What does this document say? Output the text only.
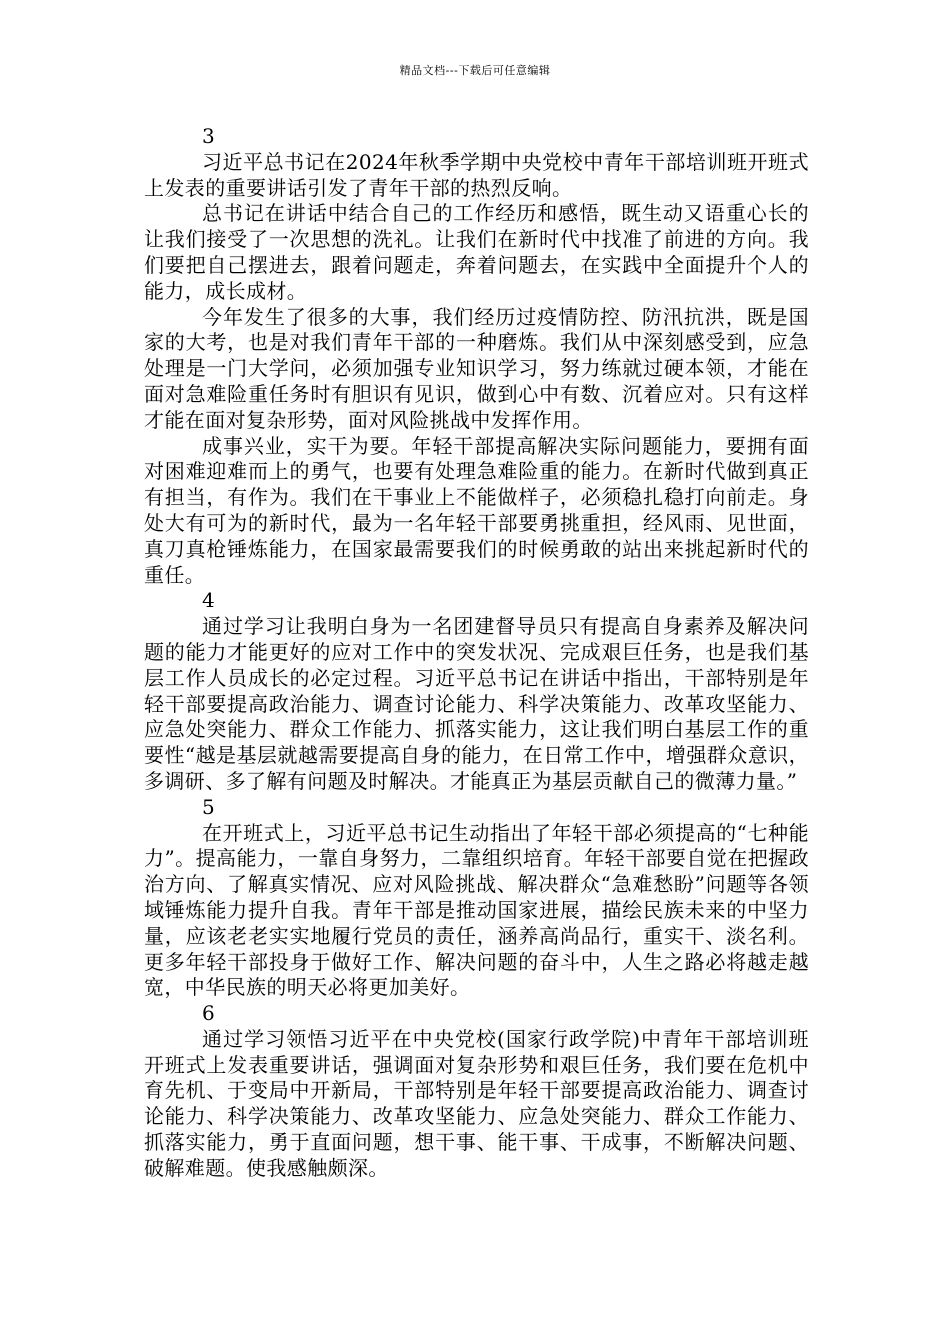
精品文档---下载后可任意编辑

3

习近平总书记在2024年秋季学期中央党校中青年干部培训班开班式上发表的重要讲话引发了青年干部的热烈反响。

总书记在讲话中结合自己的工作经历和感悟，既生动又语重心长的让我们接受了一次思想的洗礼。让我们在新时代中找准了前进的方向。我们要把自己摆进去，跟着问题走，奔着问题去，在实践中全面提升个人的能力，成长成材。

今年发生了很多的大事，我们经历过疫情防控、防汛抗洪，既是国家的大考，也是对我们青年干部的一种磨炼。我们从中深刻感受到，应急处理是一门大学问，必须加强专业知识学习，努力练就过硬本领，才能在面对急难险重任务时有胆识有见识，做到心中有数、沉着应对。只有这样才能在面对复杂形势，面对风险挑战中发挥作用。

成事兴业，实干为要。年轻干部提高解决实际问题能力，要拥有面对困难迎难而上的勇气，也要有处理急难险重的能力。在新时代做到真正有担当，有作为。我们在干事业上不能做样子，必须稳扎稳打向前走。身处大有可为的新时代，最为一名年轻干部要勇挑重担，经风雨、见世面，真刀真枪锤炼能力，在国家最需要我们的时候勇敢的站出来挑起新时代的重任。

4

通过学习让我明白身为一名团建督导员只有提高自身素养及解决问题的能力才能更好的应对工作中的突发状况、完成艰巨任务，也是我们基层工作人员成长的必定过程。习近平总书记在讲话中指出，干部特别是年轻干部要提高政治能力、调查讨论能力、科学决策能力、改革攻坚能力、应急处突能力、群众工作能力、抓落实能力，这让我们明白基层工作的重要性“越是基层就越需要提高自身的能力，在日常工作中，增强群众意识，多调研、多了解有问题及时解决。才能真正为基层贡献自己的微薄力量。”

5

在开班式上，习近平总书记生动指出了年轻干部必须提高的“七种能力”。提高能力，一靠自身努力，二靠组织培育。年轻干部要自觉在把握政治方向、了解真实情况、应对风险挑战、解决群众“急难愁盼”问题等各领域锤炼能力提升自我。青年干部是推动国家进展，描绘民族未来的中坚力量，应该老老实实地履行党员的责任，涵养高尚品行，重实干、淡名利。更多年轻干部投身于做好工作、解决问题的奋斗中，人生之路必将越走越宽，中华民族的明天必将更加美好。

6

通过学习领悟习近平在中央党校(国家行政学院)中青年干部培训班开班式上发表重要讲话，强调面对复杂形势和艰巨任务，我们要在危机中育先机、于变局中开新局，干部特别是年轻干部要提高政治能力、调查讨论能力、科学决策能力、改革攻坚能力、应急处突能力、群众工作能力、抓落实能力，勇于直面问题，想干事、能干事、干成事，不断解决问题、破解难题。使我感触颇深。
